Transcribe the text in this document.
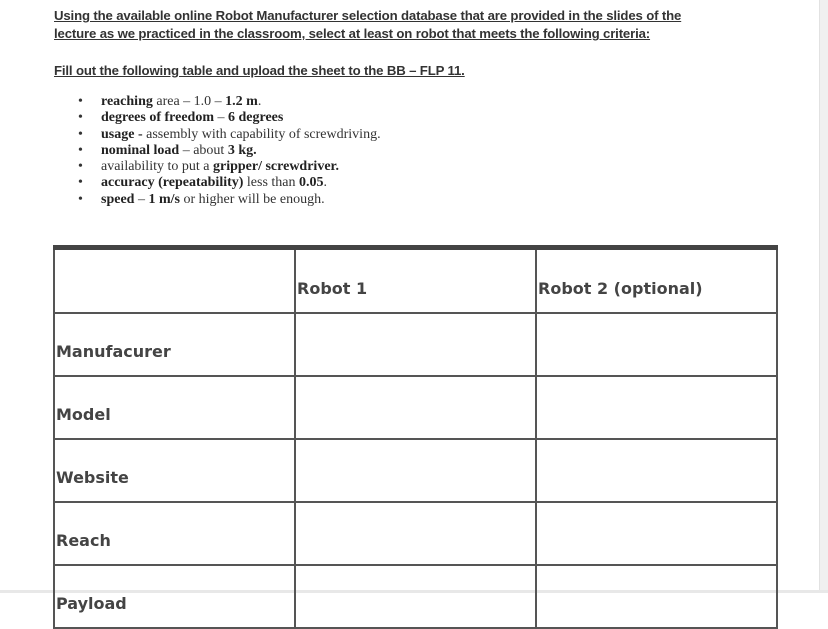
Using the available online Robot Manufacturer selection database that are provided in the slides of the
lecture as we practiced in the classroom, select at least on robot that meets the following criteria:
Fill out the following table and upload the sheet to the BB – FLP 11.
• reaching area – 1.0 – 1.2 m.
• degrees of freedom – 6 degrees
• usage - assembly with capability of screwdriving.
• nominal load – about 3 kg.
• availability to put a gripper/ screwdriver.
• accuracy (repeatability) less than 0.05.
• speed – 1 m/s or higher will be enough.
	Robot 1	Robot 2 (optional)
Manufacurer		
Model		
Website		
Reach		
Payload		
